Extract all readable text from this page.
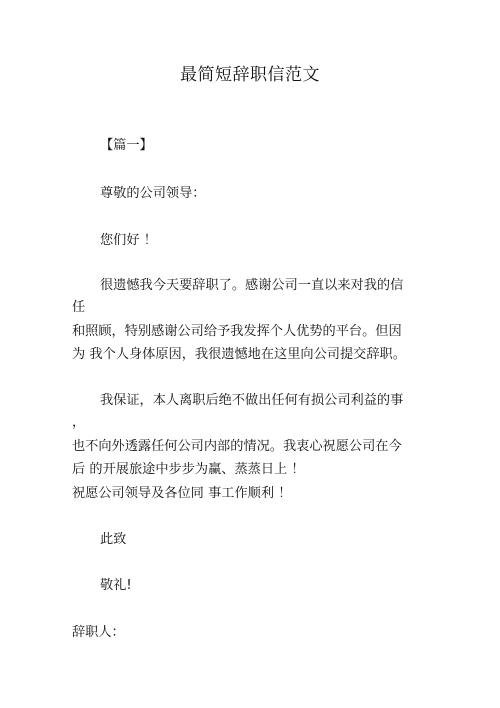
最简短辞职信范文
【篇一】
尊敬的公司领导：
您们好 ！
很遗憾我今天要辞职了。感谢公司一直以来对我的信
任
和照顾，特别感谢公司给予我发挥个人优势的平台。但因
为 我个人身体原因，我很遗憾地在这里向公司提交辞职。
我保证，本人离职后绝不做出任何有损公司利益的事
，
也不向外透露任何公司内部的情况。我衷心祝愿公司在今
后 的开展旅途中步步为赢、蒸蒸日上 ！
祝愿公司领导及各位同 事工作顺利 ！
此致
敬礼!
辞职人：
